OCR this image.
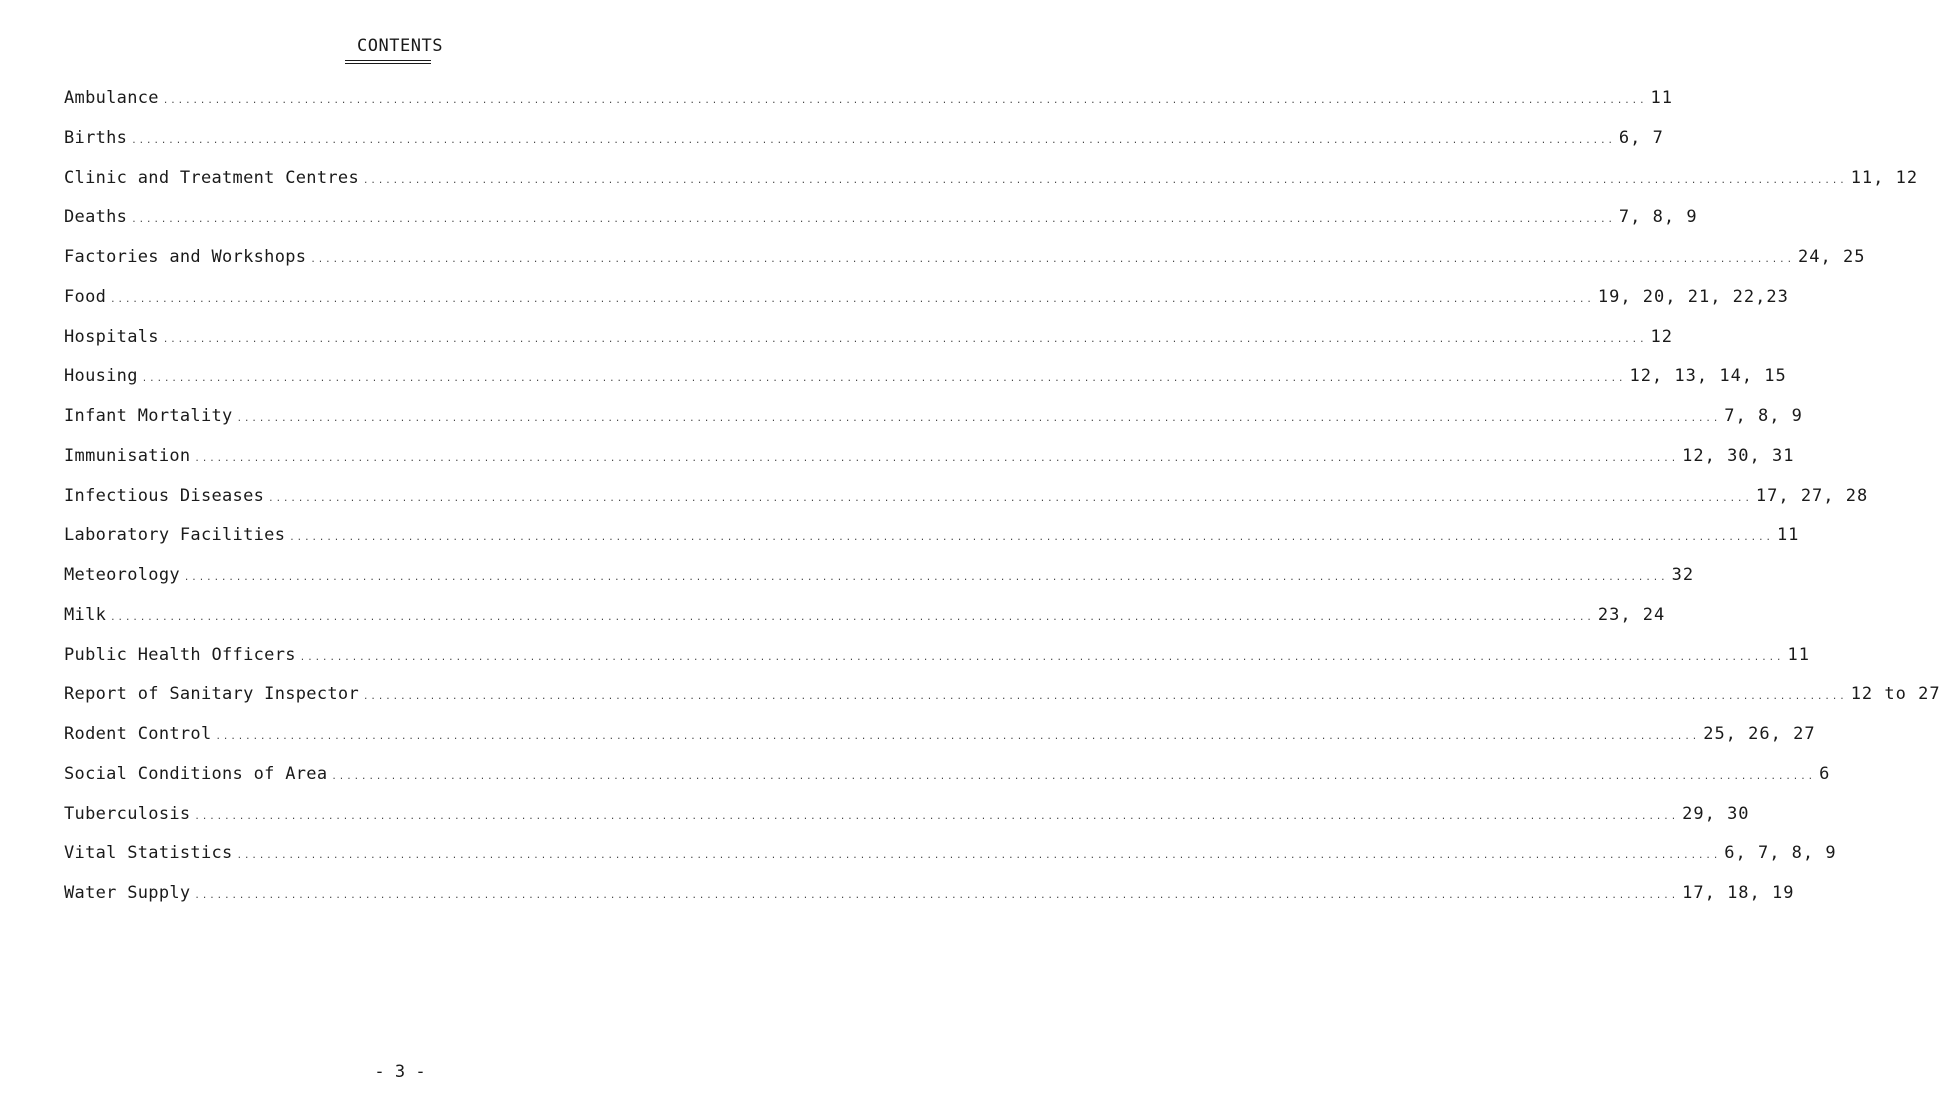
CONTENTS
Ambulance ........................................................................................................................................................................................................ 11
Births ........................................................................................................................................................................................................ 6, 7
Clinic and Treatment Centres ........................................................................................................................................................................................................ 11, 12
Deaths ........................................................................................................................................................................................................ 7, 8, 9
Factories and Workshops ........................................................................................................................................................................................................ 24, 25
Food ........................................................................................................................................................................................................ 19, 20, 21, 22,23
Hospitals ........................................................................................................................................................................................................ 12
Housing ........................................................................................................................................................................................................ 12, 13, 14, 15
Infant Mortality ........................................................................................................................................................................................................ 7, 8, 9
Immunisation ........................................................................................................................................................................................................ 12, 30, 31
Infectious Diseases ........................................................................................................................................................................................................ 17, 27, 28
Laboratory Facilities ........................................................................................................................................................................................................ 11
Meteorology ........................................................................................................................................................................................................ 32
Milk ........................................................................................................................................................................................................ 23, 24
Public Health Officers ........................................................................................................................................................................................................ 11
Report of Sanitary Inspector ........................................................................................................................................................................................................ 12 to 27
Rodent Control ........................................................................................................................................................................................................ 25, 26, 27
Social Conditions of Area ........................................................................................................................................................................................................ 6
Tuberculosis ........................................................................................................................................................................................................ 29, 30
Vital Statistics ........................................................................................................................................................................................................ 6, 7, 8, 9
Water Supply ........................................................................................................................................................................................................ 17, 18, 19
- 3 -
